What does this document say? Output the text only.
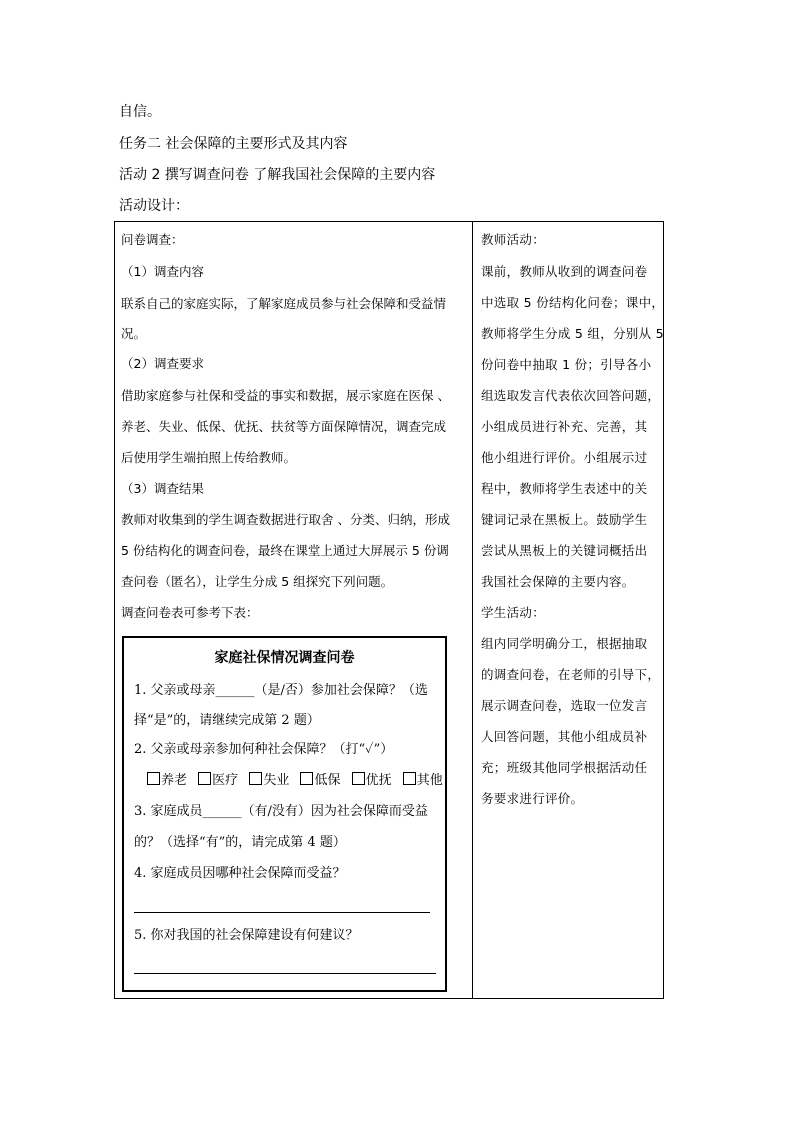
自信。
任务二 社会保障的主要形式及其内容
活动 2 撰写调查问卷 了解我国社会保障的主要内容
活动设计：
问卷调查：
（1）调查内容
联系自己的家庭实际，了解家庭成员参与社会保障和受益情
况。
（2）调查要求
借助家庭参与社保和受益的事实和数据，展示家庭在医保 、
养老、失业、低保、优抚、扶贫等方面保障情况，调查完成
后使用学生端拍照上传给教师。
（3）调查结果
教师对收集到的学生调查数据进行取舍 、分类、归纳，形成
5 份结构化的调查问卷，最终在课堂上通过大屏展示 5 份调
查问卷（匿名），让学生分成 5 组探究下列问题。
调查问卷表可参考下表：
家庭社保情况调查问卷
1. 父亲或母亲______（是/否）参加社会保障？（选
择“是”的，请继续完成第 2 题）
2. 父亲或母亲参加何种社会保障？（打“✓”）
养老 医疗 失业 低保 优抚 其他
3. 家庭成员______（有/没有）因为社会保障而受益
的？（选择“有”的，请完成第 4 题）
4. 家庭成员因哪种社会保障而受益？
5. 你对我国的社会保障建设有何建议？
教师活动：
课前，教师从收到的调查问卷
中选取 5 份结构化问卷；课中，
教师将学生分成 5 组，分别从 5
份问卷中抽取 1 份；引导各小
组选取发言代表依次回答问题，
小组成员进行补充、完善，其
他小组进行评价。小组展示过
程中，教师将学生表述中的关
键词记录在黑板上。鼓励学生
尝试从黑板上的关键词概括出
我国社会保障的主要内容。
学生活动：
组内同学明确分工，根据抽取
的调查问卷，在老师的引导下，
展示调查问卷，选取一位发言
人回答问题，其他小组成员补
充；班级其他同学根据活动任
务要求进行评价。
